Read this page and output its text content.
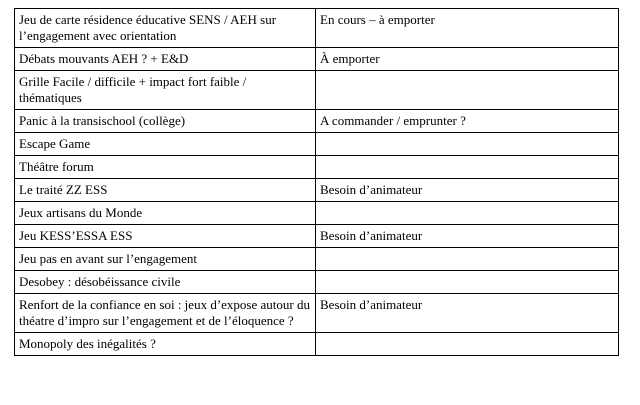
Jeu de carte résidence éducative SENS / AEH sur l’engagement avec orientation	En cours – à emporter
Débats mouvants AEH ? + E&D	À emporter
Grille Facile / difficile + impact fort faible / thématiques	
Panic à la transischool (collège)	A commander / emprunter ?
Escape Game	
Théâtre forum	
Le traité ZZ ESS	Besoin d’animateur
Jeux artisans du Monde	
Jeu KESS’ESSA ESS	Besoin d’animateur
Jeu pas en avant sur l’engagement	
Desobey : désobéissance civile	
Renfort de la confiance en soi : jeux d’expose autour du théatre d’impro sur l’engagement et de l’éloquence ?	Besoin d’animateur
Monopoly des inégalités ?	
